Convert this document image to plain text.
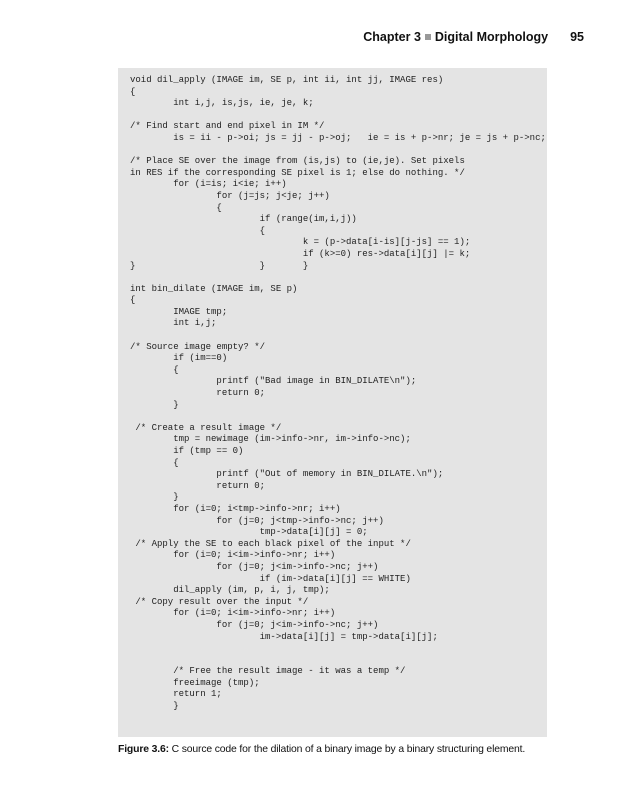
Chapter 3 Digital Morphology 95
void dil_apply (IMAGE im, SE p, int ii, int jj, IMAGE res)
{
int i,j, is,js, ie, je, k;

/* Find start and end pixel in IM */
is = ii - p->oi; js = jj - p->oj;   ie = is + p->nr; je = js + p->nc;

/* Place SE over the image from (is,js) to (ie,je). Set pixels
in RES if the corresponding SE pixel is 1; else do nothing. */
for (i=is; i<ie; i++)
for (j=js; j<je; j++)
{
if (range(im,i,j))
{
k = (p->data[i-is][j-js] == 1);
if (k>=0) res->data[i][j] |= k;
}                       }       }

int bin_dilate (IMAGE im, SE p)
{
IMAGE tmp;
int i,j;

/* Source image empty? */
if (im==0)
{
printf ("Bad image in BIN_DILATE\n");
return 0;
}

/* Create a result image */
tmp = newimage (im->info->nr, im->info->nc);
if (tmp == 0)
{
printf ("Out of memory in BIN_DILATE.\n");
return 0;
}
for (i=0; i<tmp->info->nr; i++)
for (j=0; j<tmp->info->nc; j++)
tmp->data[i][j] = 0;
/* Apply the SE to each black pixel of the input */
for (i=0; i<im->info->nr; i++)
for (j=0; j<im->info->nc; j++)
if (im->data[i][j] == WHITE)
dil_apply (im, p, i, j, tmp);
/* Copy result over the input */
for (i=0; i<im->info->nr; i++)
for (j=0; j<im->info->nc; j++)
im->data[i][j] = tmp->data[i][j];

/* Free the result image - it was a temp */
freeimage (tmp);
return 1;
}
Figure 3.6: C source code for the dilation of a binary image by a binary structuring element.
